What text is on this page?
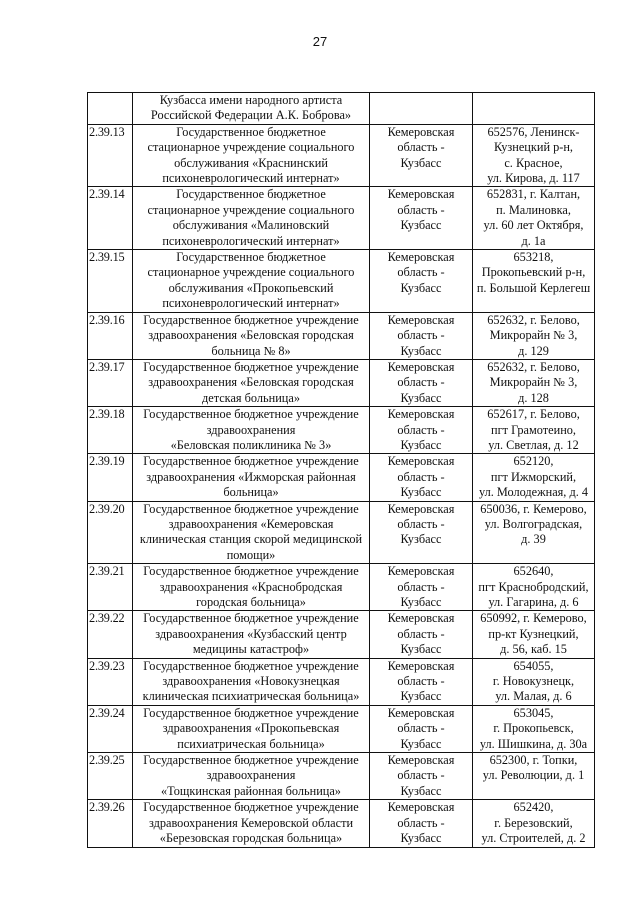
27

	Кузбасса имени народного артиста
Российской Федерации А.К. Боброва»		

2.39.13	Государственное бюджетное
стационарное учреждение социального
обслуживания «Краснинский
психоневрологический интернат»	Кемеровская
область -
Кузбасс	652576, Ленинск-
Кузнецкий р-н,
с. Красное,
ул. Кирова, д. 117

2.39.14	Государственное бюджетное
стационарное учреждение социального
обслуживания «Малиновский
психоневрологический интернат»	Кемеровская
область -
Кузбасс	652831, г. Калтан,
п. Малиновка,
ул. 60 лет Октября,
д. 1а

2.39.15	Государственное бюджетное
стационарное учреждение социального
обслуживания «Прокопьевский
психоневрологический интернат»	Кемеровская
область -
Кузбасс	653218,
Прокопьевский р-н,
п. Большой Керлегеш

2.39.16	Государственное бюджетное учреждение
здравоохранения «Беловская городская
больница № 8»	Кемеровская
область -
Кузбасс	652632, г. Белово,
Микрорайн № 3,
д. 129

2.39.17	Государственное бюджетное учреждение
здравоохранения «Беловская городская
детская больница»	Кемеровская
область -
Кузбасс	652632, г. Белово,
Микрорайн № 3,
д. 128

2.39.18	Государственное бюджетное учреждение
здравоохранения
«Беловская поликлиника № 3»	Кемеровская
область -
Кузбасс	652617, г. Белово,
пгт Грамотеино,
ул. Светлая, д. 12

2.39.19	Государственное бюджетное учреждение
здравоохранения «Ижморская районная
больница»	Кемеровская
область -
Кузбасс	652120,
пгт Ижморский,
ул. Молодежная, д. 4

2.39.20	Государственное бюджетное учреждение
здравоохранения «Кемеровская
клиническая станция скорой медицинской
помощи»	Кемеровская
область -
Кузбасс	650036, г. Кемерово,
ул. Волгоградская,
д. 39

2.39.21	Государственное бюджетное учреждение
здравоохранения «Краснобродская
городская больница»	Кемеровская
область -
Кузбасс	652640,
пгт Краснобродский,
ул. Гагарина, д. 6

2.39.22	Государственное бюджетное учреждение
здравоохранения «Кузбасский центр
медицины катастроф»	Кемеровская
область -
Кузбасс	650992, г. Кемерово,
пр-кт Кузнецкий,
д. 56, каб. 15

2.39.23	Государственное бюджетное учреждение
здравоохранения «Новокузнецкая
клиническая психиатрическая больница»	Кемеровская
область -
Кузбасс	654055,
г. Новокузнецк,
ул. Малая, д. 6

2.39.24	Государственное бюджетное учреждение
здравоохранения «Прокопьевская
психиатрическая больница»	Кемеровская
область -
Кузбасс	653045,
г. Прокопьевск,
ул. Шишкина, д. 30а

2.39.25	Государственное бюджетное учреждение
здравоохранения
«Тощкинская районная больница»	Кемеровская
область -
Кузбасс	652300, г. Топки,
ул. Революции, д. 1

2.39.26	Государственное бюджетное учреждение
здравоохранения Кемеровской области
«Березовская городская больница»	Кемеровская
область -
Кузбасс	652420,
г. Березовский,
ул. Строителей, д. 2
